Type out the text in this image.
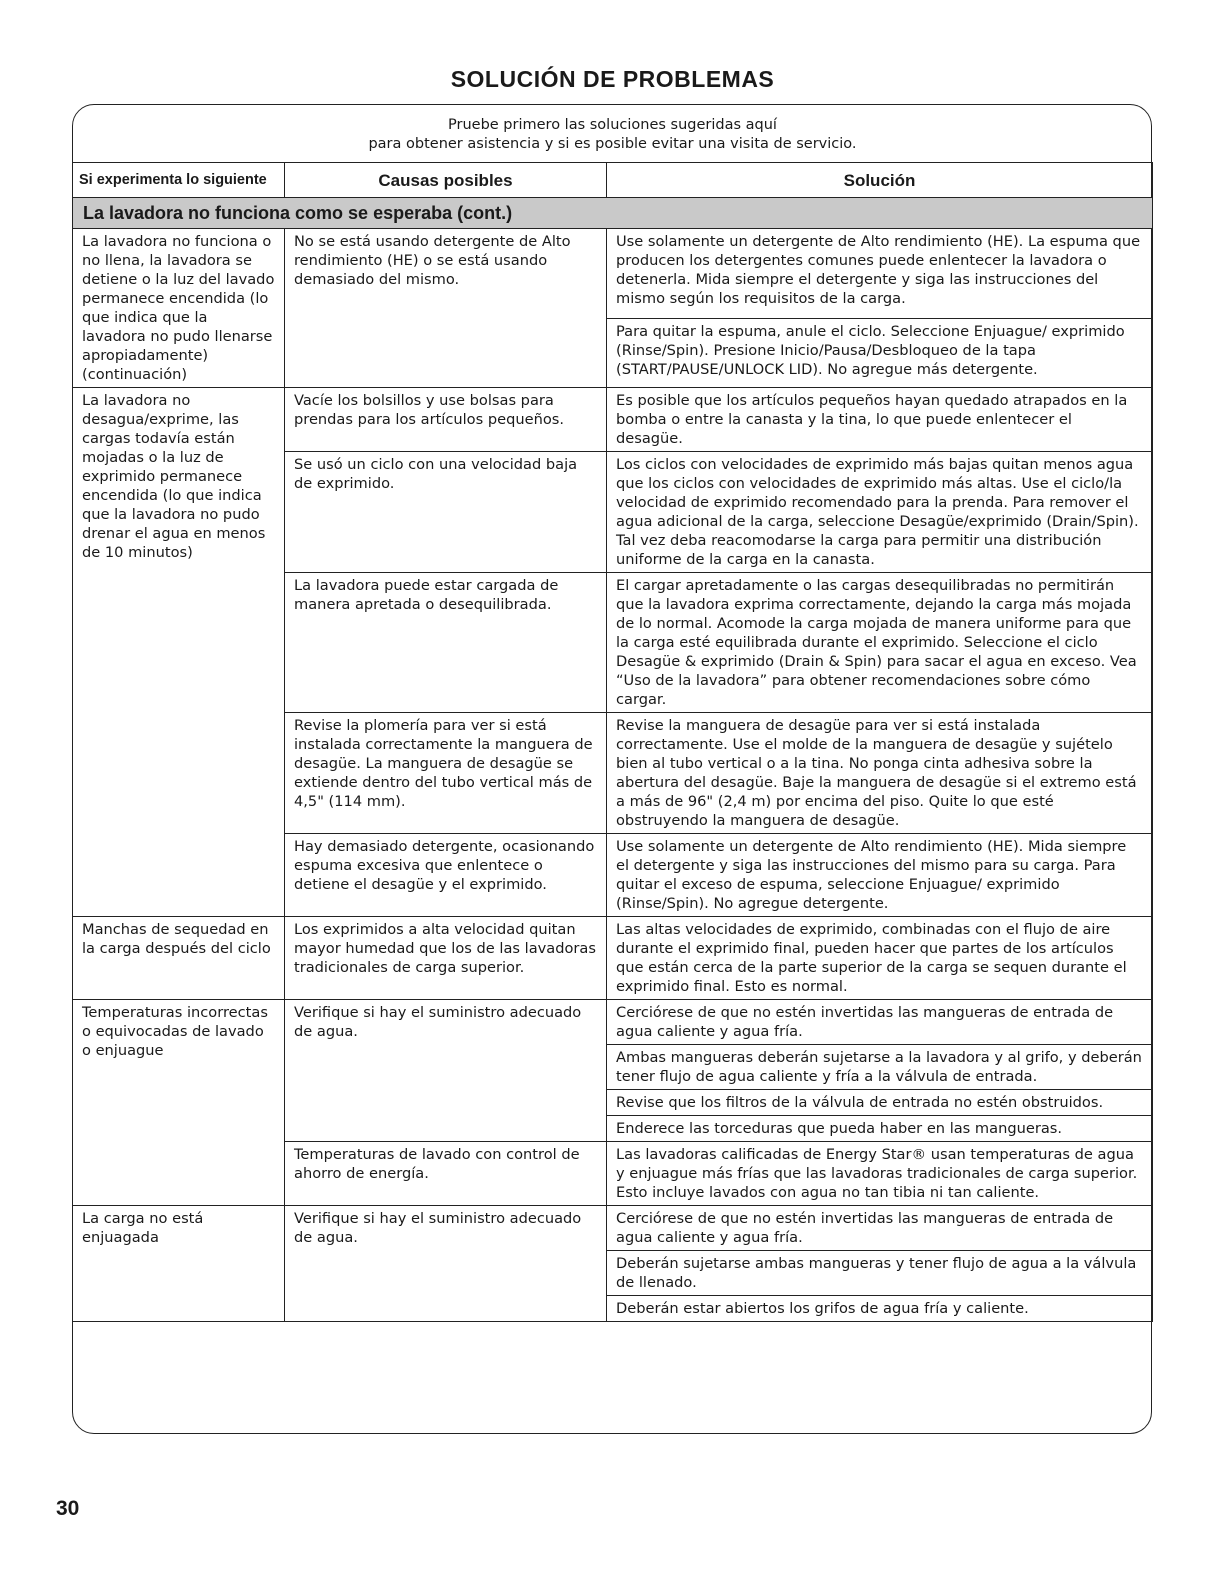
SOLUCIÓN DE PROBLEMAS
Pruebe primero las soluciones sugeridas aquí
para obtener asistencia y si es posible evitar una visita de servicio.
Si experimenta lo siguiente	Causas posibles	Solución
La lavadora no funciona como se esperaba (cont.)		
La lavadora no funciona o no llena, la lavadora se detiene o la luz del lavado permanece encendida (lo que indica que la lavadora no pudo llenarse apropiadamente) (continuación)	No se está usando detergente de Alto rendimiento (HE) o se está usando demasiado del mismo.	Use solamente un detergente de Alto rendimiento (HE). La espuma que producen los detergentes comunes puede enlentecer la lavadora o detenerla. Mida siempre el detergente y siga las instrucciones del mismo según los requisitos de la carga.
		Para quitar la espuma, anule el ciclo. Seleccione Enjuague/ exprimido (Rinse/Spin). Presione Inicio/Pausa/Desbloqueo de la tapa (START/PAUSE/UNLOCK LID). No agregue más detergente.
La lavadora no desagua/exprime, las cargas todavía están mojadas o la luz de exprimido permanece encendida (lo que indica que la lavadora no pudo drenar el agua en menos de 10 minutos)	Vacíe los bolsillos y use bolsas para prendas para los artículos pequeños.	Es posible que los artículos pequeños hayan quedado atrapados en la bomba o entre la canasta y la tina, lo que puede enlentecer el desagüe.
	Se usó un ciclo con una velocidad baja de exprimido.	Los ciclos con velocidades de exprimido más bajas quitan menos agua que los ciclos con velocidades de exprimido más altas. Use el ciclo/la velocidad de exprimido recomendado para la prenda. Para remover el agua adicional de la carga, seleccione Desagüe/exprimido (Drain/Spin). Tal vez deba reacomodarse la carga para permitir una distribución uniforme de la carga en la canasta.
	La lavadora puede estar cargada de manera apretada o desequilibrada.	El cargar apretadamente o las cargas desequilibradas no permitirán que la lavadora exprima correctamente, dejando la carga más mojada de lo normal. Acomode la carga mojada de manera uniforme para que la carga esté equilibrada durante el exprimido. Seleccione el ciclo Desagüe & exprimido (Drain & Spin) para sacar el agua en exceso. Vea “Uso de la lavadora” para obtener recomendaciones sobre cómo cargar.
	Revise la plomería para ver si está instalada correctamente la manguera de desagüe. La manguera de desagüe se extiende dentro del tubo vertical más de 4,5" (114 mm).	Revise la manguera de desagüe para ver si está instalada correctamente. Use el molde de la manguera de desagüe y sujételo bien al tubo vertical o a la tina. No ponga cinta adhesiva sobre la abertura del desagüe. Baje la manguera de desagüe si el extremo está a más de 96" (2,4 m) por encima del piso. Quite lo que esté obstruyendo la manguera de desagüe.
	Hay demasiado detergente, ocasionando espuma excesiva que enlentece o detiene el desagüe y el exprimido.	Use solamente un detergente de Alto rendimiento (HE). Mida siempre el detergente y siga las instrucciones del mismo para su carga. Para quitar el exceso de espuma, seleccione Enjuague/ exprimido (Rinse/Spin). No agregue detergente.
Manchas de sequedad en la carga después del ciclo	Los exprimidos a alta velocidad quitan mayor humedad que los de las lavadoras tradicionales de carga superior.	Las altas velocidades de exprimido, combinadas con el flujo de aire durante el exprimido final, pueden hacer que partes de los artículos que están cerca de la parte superior de la carga se sequen durante el exprimido final. Esto es normal.
Temperaturas incorrectas o equivocadas de lavado o enjuague	Verifique si hay el suministro adecuado de agua.	Cerciórese de que no estén invertidas las mangueras de entrada de agua caliente y agua fría.
		Ambas mangueras deberán sujetarse a la lavadora y al grifo, y deberán tener flujo de agua caliente y fría a la válvula de entrada.
		Revise que los filtros de la válvula de entrada no estén obstruidos.
		Enderece las torceduras que pueda haber en las mangueras.
	Temperaturas de lavado con control de ahorro de energía.	Las lavadoras calificadas de Energy Star® usan temperaturas de agua y enjuague más frías que las lavadoras tradicionales de carga superior. Esto incluye lavados con agua no tan tibia ni tan caliente.
La carga no está enjuagada	Verifique si hay el suministro adecuado de agua.	Cerciórese de que no estén invertidas las mangueras de entrada de agua caliente y agua fría.
		Deberán sujetarse ambas mangueras y tener flujo de agua a la válvula de llenado.
		Deberán estar abiertos los grifos de agua fría y caliente.
30
